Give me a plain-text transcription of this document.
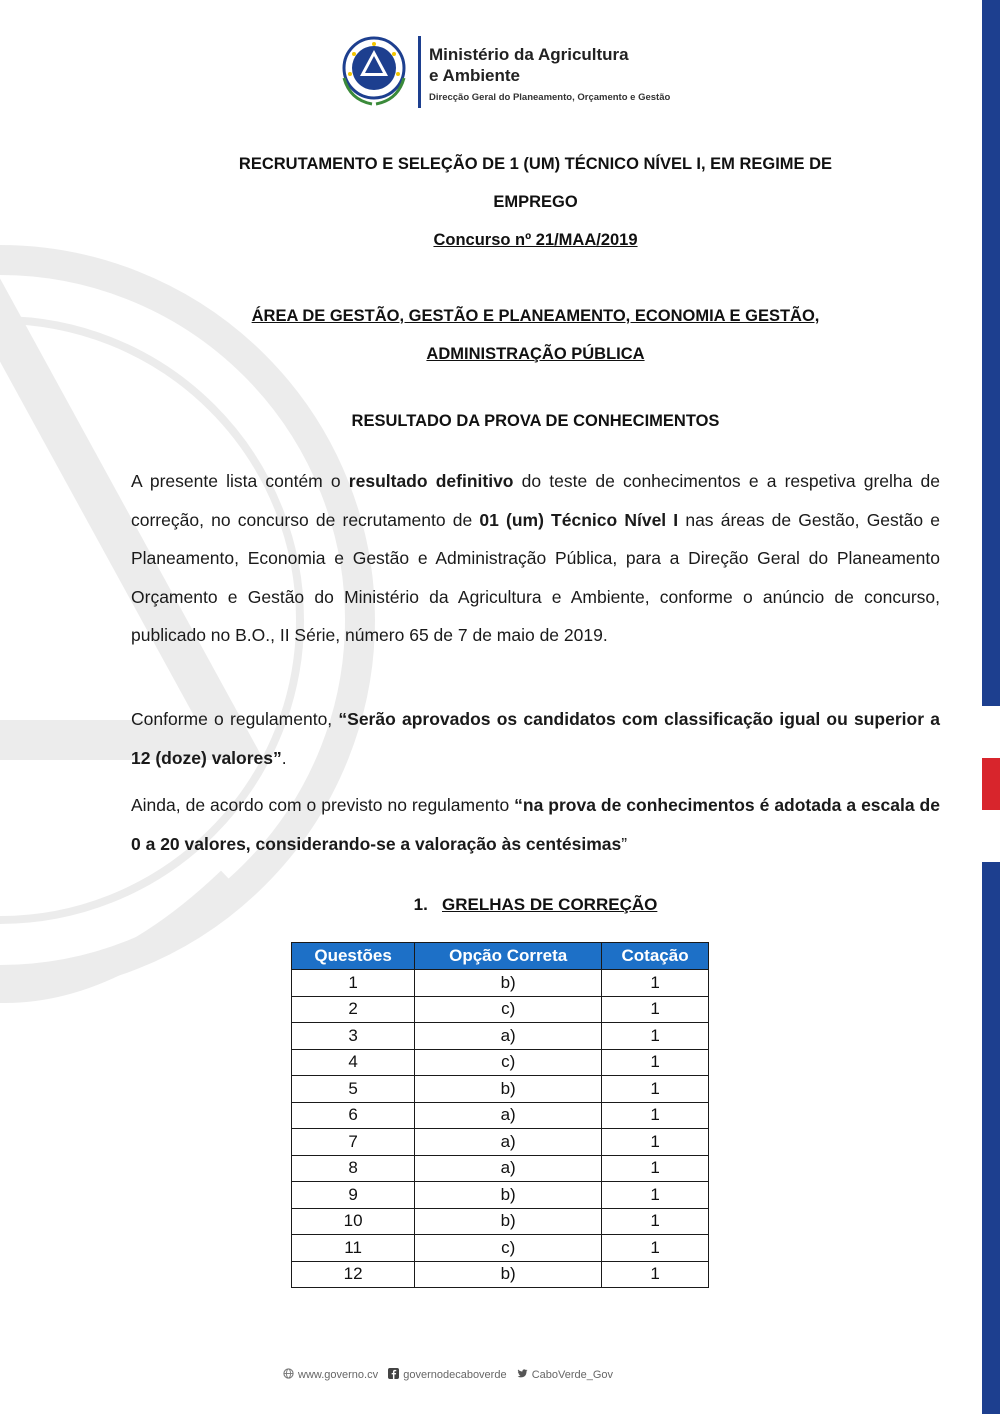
Ministério da Agricultura
e Ambiente
Direcção Geral do Planeamento, Orçamento e Gestão
RECRUTAMENTO E SELEÇÃO DE 1 (UM) TÉCNICO NÍVEL I, EM REGIME DE
EMPREGO
Concurso nº 21/MAA/2019
ÁREA DE GESTÃO, GESTÃO E PLANEAMENTO, ECONOMIA E GESTÃO,
ADMINISTRAÇÃO PÚBLICA
RESULTADO DA PROVA DE CONHECIMENTOS
A presente lista contém o resultado definitivo do teste de conhecimentos e a respetiva grelha de correção, no concurso de recrutamento de 01 (um) Técnico Nível I nas áreas de Gestão, Gestão e Planeamento, Economia e Gestão e Administração Pública, para a Direção Geral do Planeamento Orçamento e Gestão do Ministério da Agricultura e Ambiente, conforme o anúncio de concurso, publicado no B.O., II Série, número 65 de 7 de maio de 2019.
Conforme o regulamento, “Serão aprovados os candidatos com classificação igual ou superior a 12 (doze) valores”.
Ainda, de acordo com o previsto no regulamento “na prova de conhecimentos é adotada a escala de 0 a 20 valores, considerando-se a valoração às centésimas”
1. GRELHAS DE CORREÇÃO
Questões	Opção Correta	Cotação
1	b)	1
2	c)	1
3	a)	1
4	c)	1
5	b)	1
6	a)	1
7	a)	1
8	a)	1
9	b)	1
10	b)	1
11	c)	1
12	b)	1
www.governo.cv governodecaboverde CaboVerde_Gov
